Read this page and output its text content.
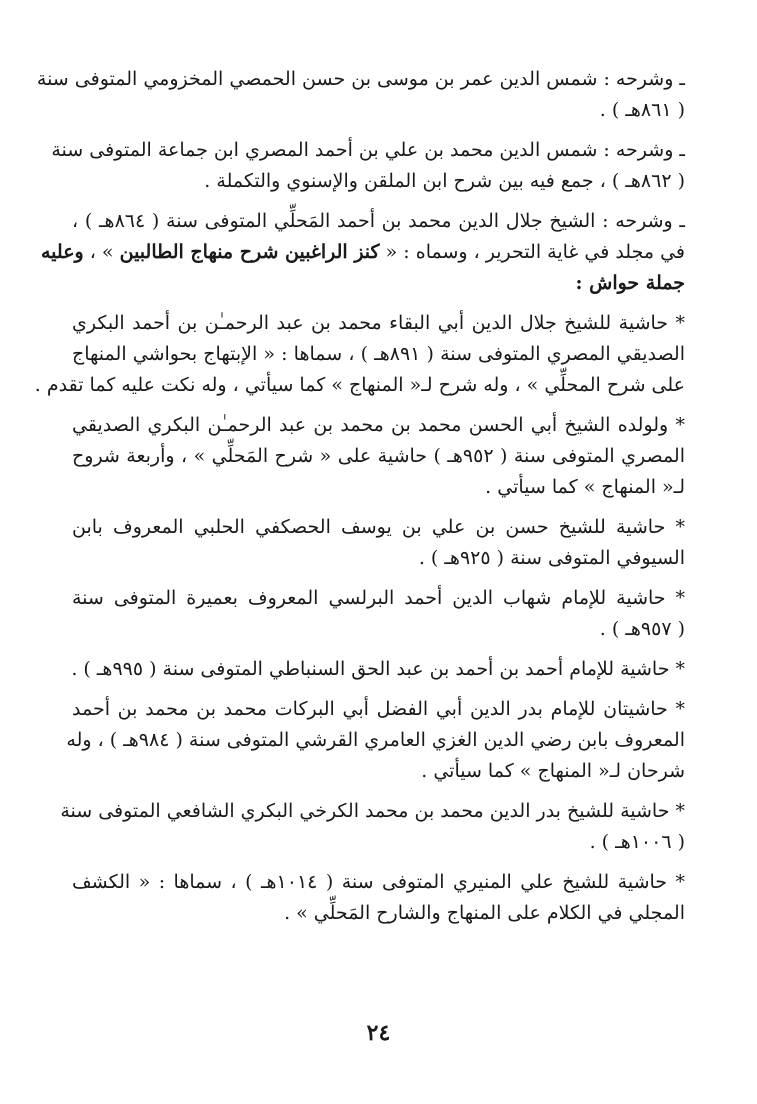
ـ وشرحه : شمس الدين عمر بن موسى بن حسن الحمصي المخزومي المتوفى سنة
( ٨٦١هـ ) .
ـ وشرحه : شمس الدين محمد بن علي بن أحمد المصري ابن جماعة المتوفى سنة
( ٨٦٢هـ ) ، جمع فيه بين شرح ابن الملقن والإسنوي والتكملة .
ـ وشرحه : الشيخ جلال الدين محمد بن أحمد المَحلِّي المتوفى سنة ( ٨٦٤هـ ) ،
في مجلد في غاية التحرير ، وسماه : « كنز الراغبين شرح منهاج الطالبين » ، وعليه
جملة حواش :
* حاشية للشيخ جلال الدين أبي البقاء محمد بن عبد الرحمـٰن بن أحمد البكري
الصديقي المصري المتوفى سنة ( ٨٩١هـ ) ، سماها : « الإبتهاج بحواشي المنهاج
على شرح المحلِّي » ، وله شرح لـ« المنهاج » كما سيأتي ، وله نكت عليه كما تقدم .
* ولولده الشيخ أبي الحسن محمد بن محمد بن عبد الرحمـٰن البكري الصديقي
المصري المتوفى سنة ( ٩٥٢هـ ) حاشية على « شرح المَحلِّي » ، وأربعة شروح
لـ« المنهاج » كما سيأتي .
* حاشية للشيخ حسن بن علي بن يوسف الحصكفي الحلبي المعروف بابن
السيوفي المتوفى سنة ( ٩٢٥هـ ) .
* حاشية للإمام شهاب الدين أحمد البرلسي المعروف بعميرة المتوفى سنة
( ٩٥٧هـ ) .
* حاشية للإمام أحمد بن أحمد بن عبد الحق السنباطي المتوفى سنة ( ٩٩٥هـ ) .
* حاشيتان للإمام بدر الدين أبي الفضل أبي البركات محمد بن محمد بن أحمد
المعروف بابن رضي الدين الغزي العامري القرشي المتوفى سنة ( ٩٨٤هـ ) ، وله
شرحان لـ« المنهاج » كما سيأتي .
* حاشية للشيخ بدر الدين محمد بن محمد الكرخي البكري الشافعي المتوفى سنة
( ١٠٠٦هـ ) .
* حاشية للشيخ علي المنيري المتوفى سنة ( ١٠١٤هـ ) ، سماها : « الكشف
المجلي في الكلام على المنهاج والشارح المَحلِّي » .
٢٤
